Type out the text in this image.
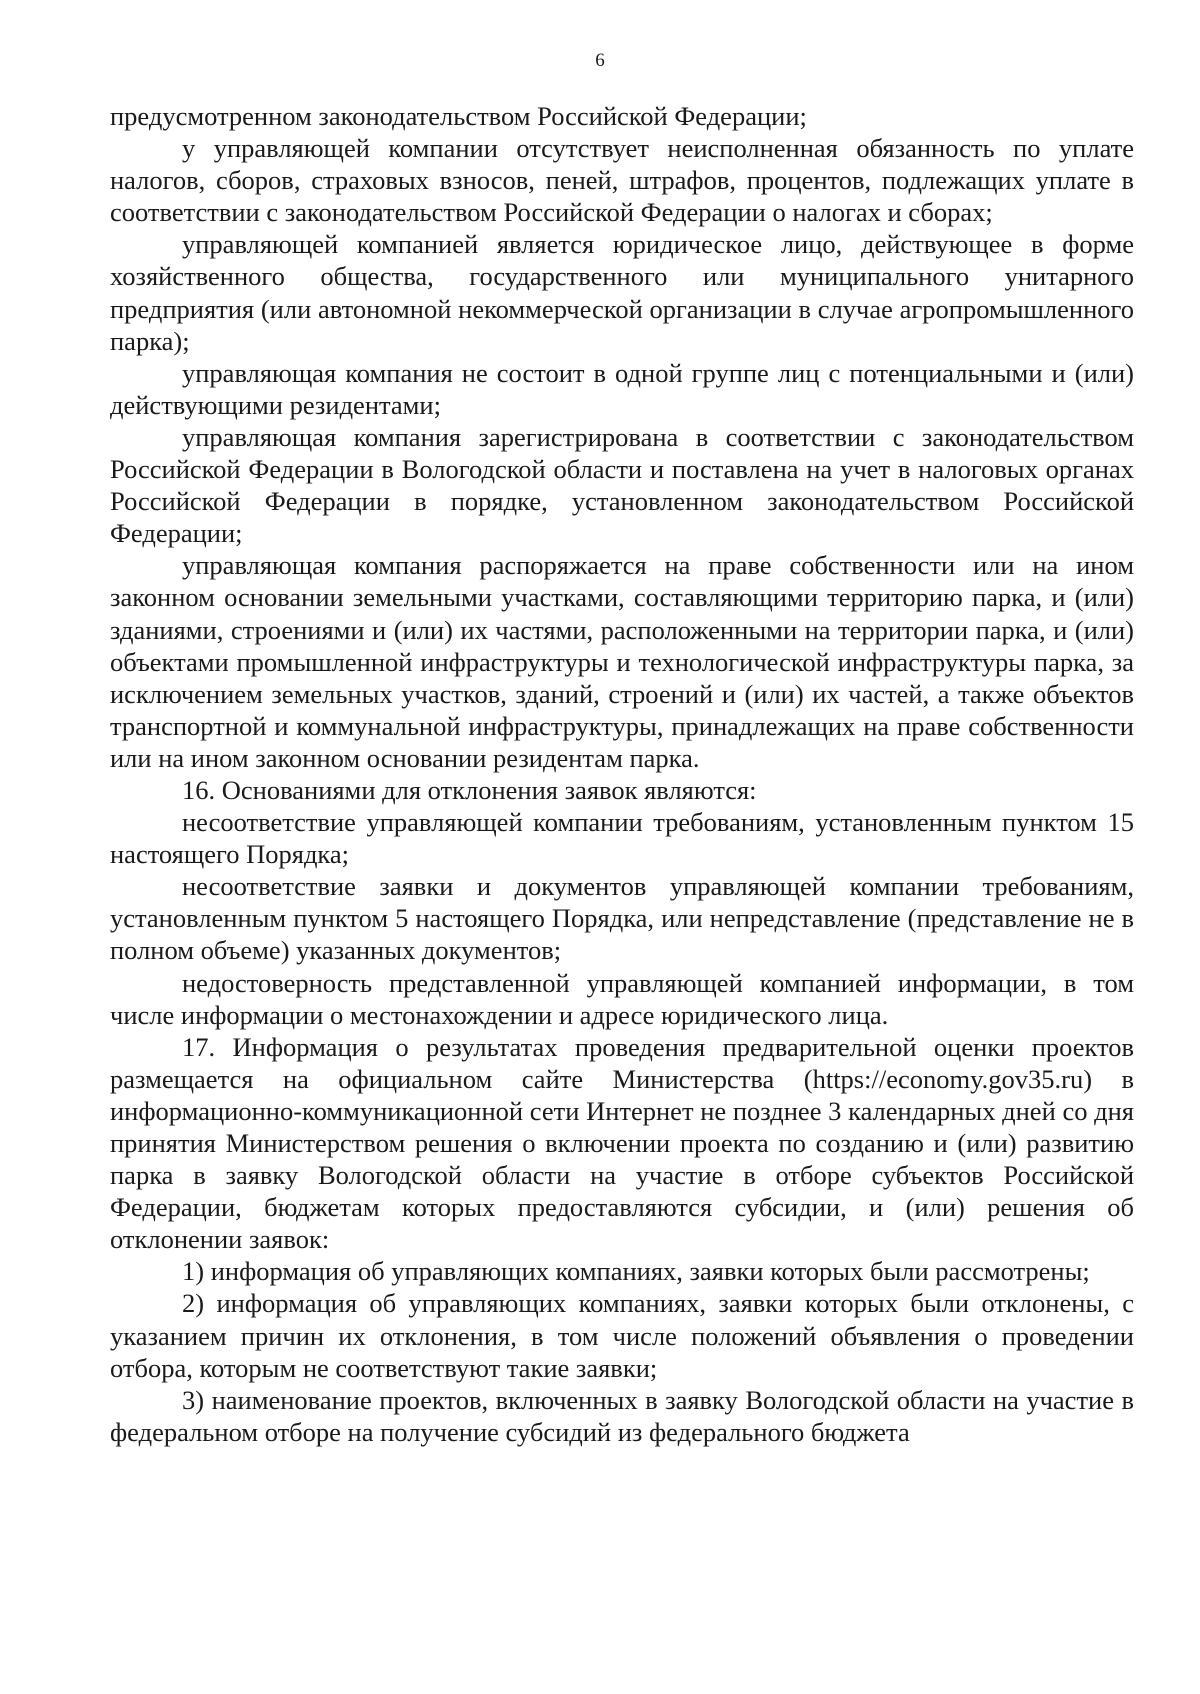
6

предусмотренном законодательством Российской Федерации;

у управляющей компании отсутствует неисполненная обязанность по уплате налогов, сборов, страховых взносов, пеней, штрафов, процентов, подлежащих уплате в соответствии с законодательством Российской Федерации о налогах и сборах;

управляющей компанией является юридическое лицо, действующее в форме хозяйственного общества, государственного или муниципального унитарного предприятия (или автономной некоммерческой организации в случае агропромышленного парка);

управляющая компания не состоит в одной группе лиц с потенциальными и (или) действующими резидентами;

управляющая компания зарегистрирована в соответствии с законодательством Российской Федерации в Вологодской области и поставлена на учет в налоговых органах Российской Федерации в порядке, установленном законодательством Российской Федерации;

управляющая компания распоряжается на праве собственности или на ином законном основании земельными участками, составляющими территорию парка, и (или) зданиями, строениями и (или) их частями, расположенными на территории парка, и (или) объектами промышленной инфраструктуры и технологической инфраструктуры парка, за исключением земельных участков, зданий, строений и (или) их частей, а также объектов транспортной и коммунальной инфраструктуры, принадлежащих на праве собственности или на ином законном основании резидентам парка.

16. Основаниями для отклонения заявок являются:

несоответствие управляющей компании требованиям, установленным пунктом 15 настоящего Порядка;

несоответствие заявки и документов управляющей компании требованиям, установленным пунктом 5 настоящего Порядка, или непредставление (представление не в полном объеме) указанных документов;

недостоверность представленной управляющей компанией информации, в том числе информации о местонахождении и адресе юридического лица.

17. Информация о результатах проведения предварительной оценки проектов размещается на официальном сайте Министерства (https://economy.gov35.ru) в информационно-коммуникационной сети Интернет не позднее 3 календарных дней со дня принятия Министерством решения о включении проекта по созданию и (или) развитию парка в заявку Вологодской области на участие в отборе субъектов Российской Федерации, бюджетам которых предоставляются субсидии, и (или) решения об отклонении заявок:

1) информация об управляющих компаниях, заявки которых были рассмотрены;

2) информация об управляющих компаниях, заявки которых были отклонены, с указанием причин их отклонения, в том числе положений объявления о проведении отбора, которым не соответствуют такие заявки;

3) наименование проектов, включенных в заявку Вологодской области на участие в федеральном отборе на получение субсидий из федерального бюджета
